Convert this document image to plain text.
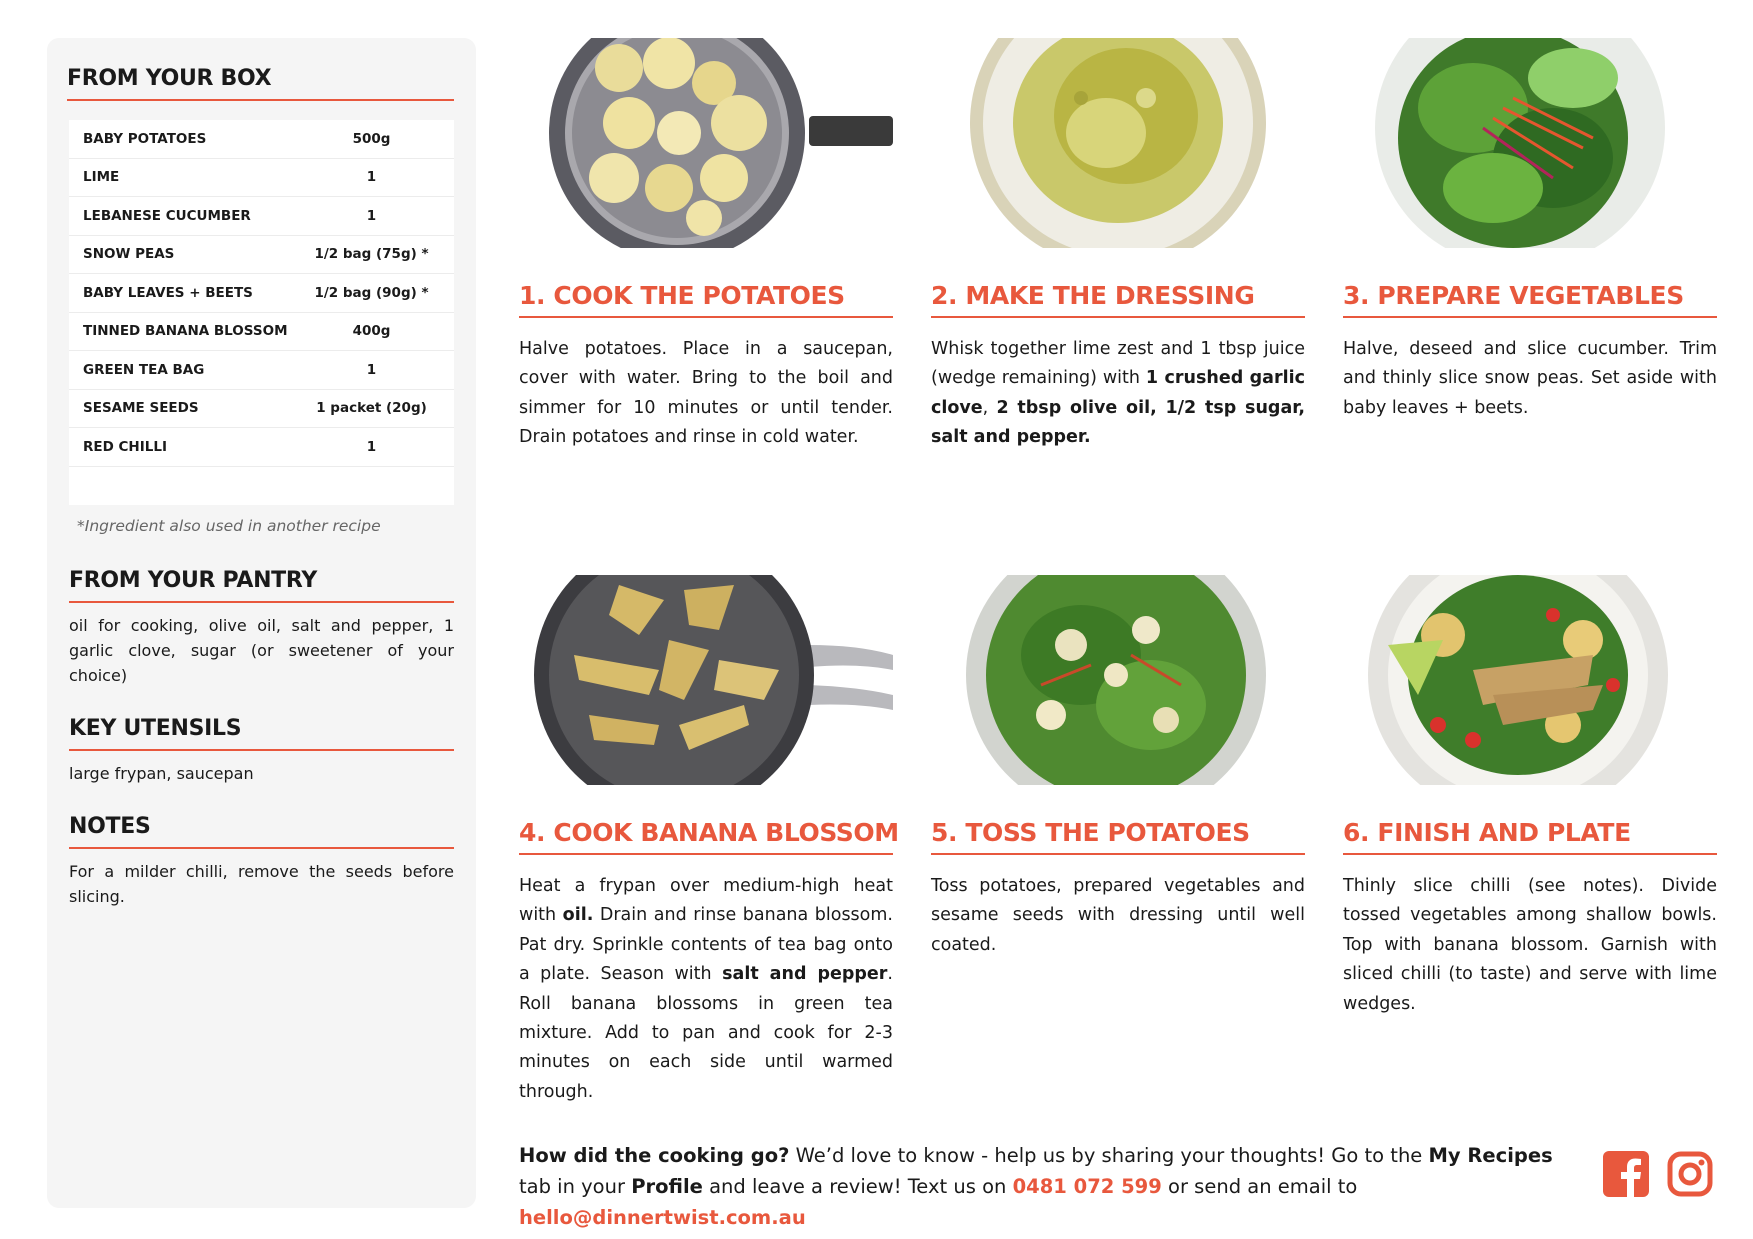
FROM YOUR BOX
BABY POTATOES	500g
LIME	1
LEBANESE CUCUMBER	1
SNOW PEAS	1/2 bag (75g) *
BABY LEAVES + BEETS	1/2 bag (90g) *
TINNED BANANA BLOSSOM	400g
GREEN TEA BAG	1
SESAME SEEDS	1 packet (20g)
RED CHILLI	1
*Ingredient also used in another recipe
FROM YOUR PANTRY
oil for cooking, olive oil, salt and pepper, 1 garlic clove, sugar (or sweetener of your choice)
KEY UTENSILS
large frypan, saucepan
NOTES
For a milder chilli, remove the seeds before slicing.
1. COOK THE POTATOES
Halve potatoes. Place in a saucepan, cover with water. Bring to the boil and simmer for 10 minutes or until tender. Drain potatoes and rinse in cold water.
2. MAKE THE DRESSING
Whisk together lime zest and 1 tbsp juice (wedge remaining) with 1 crushed garlic clove, 2 tbsp olive oil, 1/2 tsp sugar, salt and pepper.
3. PREPARE VEGETABLES
Halve, deseed and slice cucumber. Trim and thinly slice snow peas. Set aside with baby leaves + beets.
4. COOK BANANA BLOSSOM
Heat a frypan over medium-high heat with oil. Drain and rinse banana blossom. Pat dry. Sprinkle contents of tea bag onto a plate. Season with salt and pepper. Roll banana blossoms in green tea mixture. Add to pan and cook for 2-3 minutes on each side until warmed through.
5. TOSS THE POTATOES
Toss potatoes, prepared vegetables and sesame seeds with dressing until well coated.
6. FINISH AND PLATE
Thinly slice chilli (see notes). Divide tossed vegetables among shallow bowls. Top with banana blossom. Garnish with sliced chilli (to taste) and serve with lime wedges.
How did the cooking go? We’d love to know - help us by sharing your thoughts! Go to the My Recipes tab in your Profile and leave a review! Text us on 0481 072 599 or send an email to hello@dinnertwist.com.au
